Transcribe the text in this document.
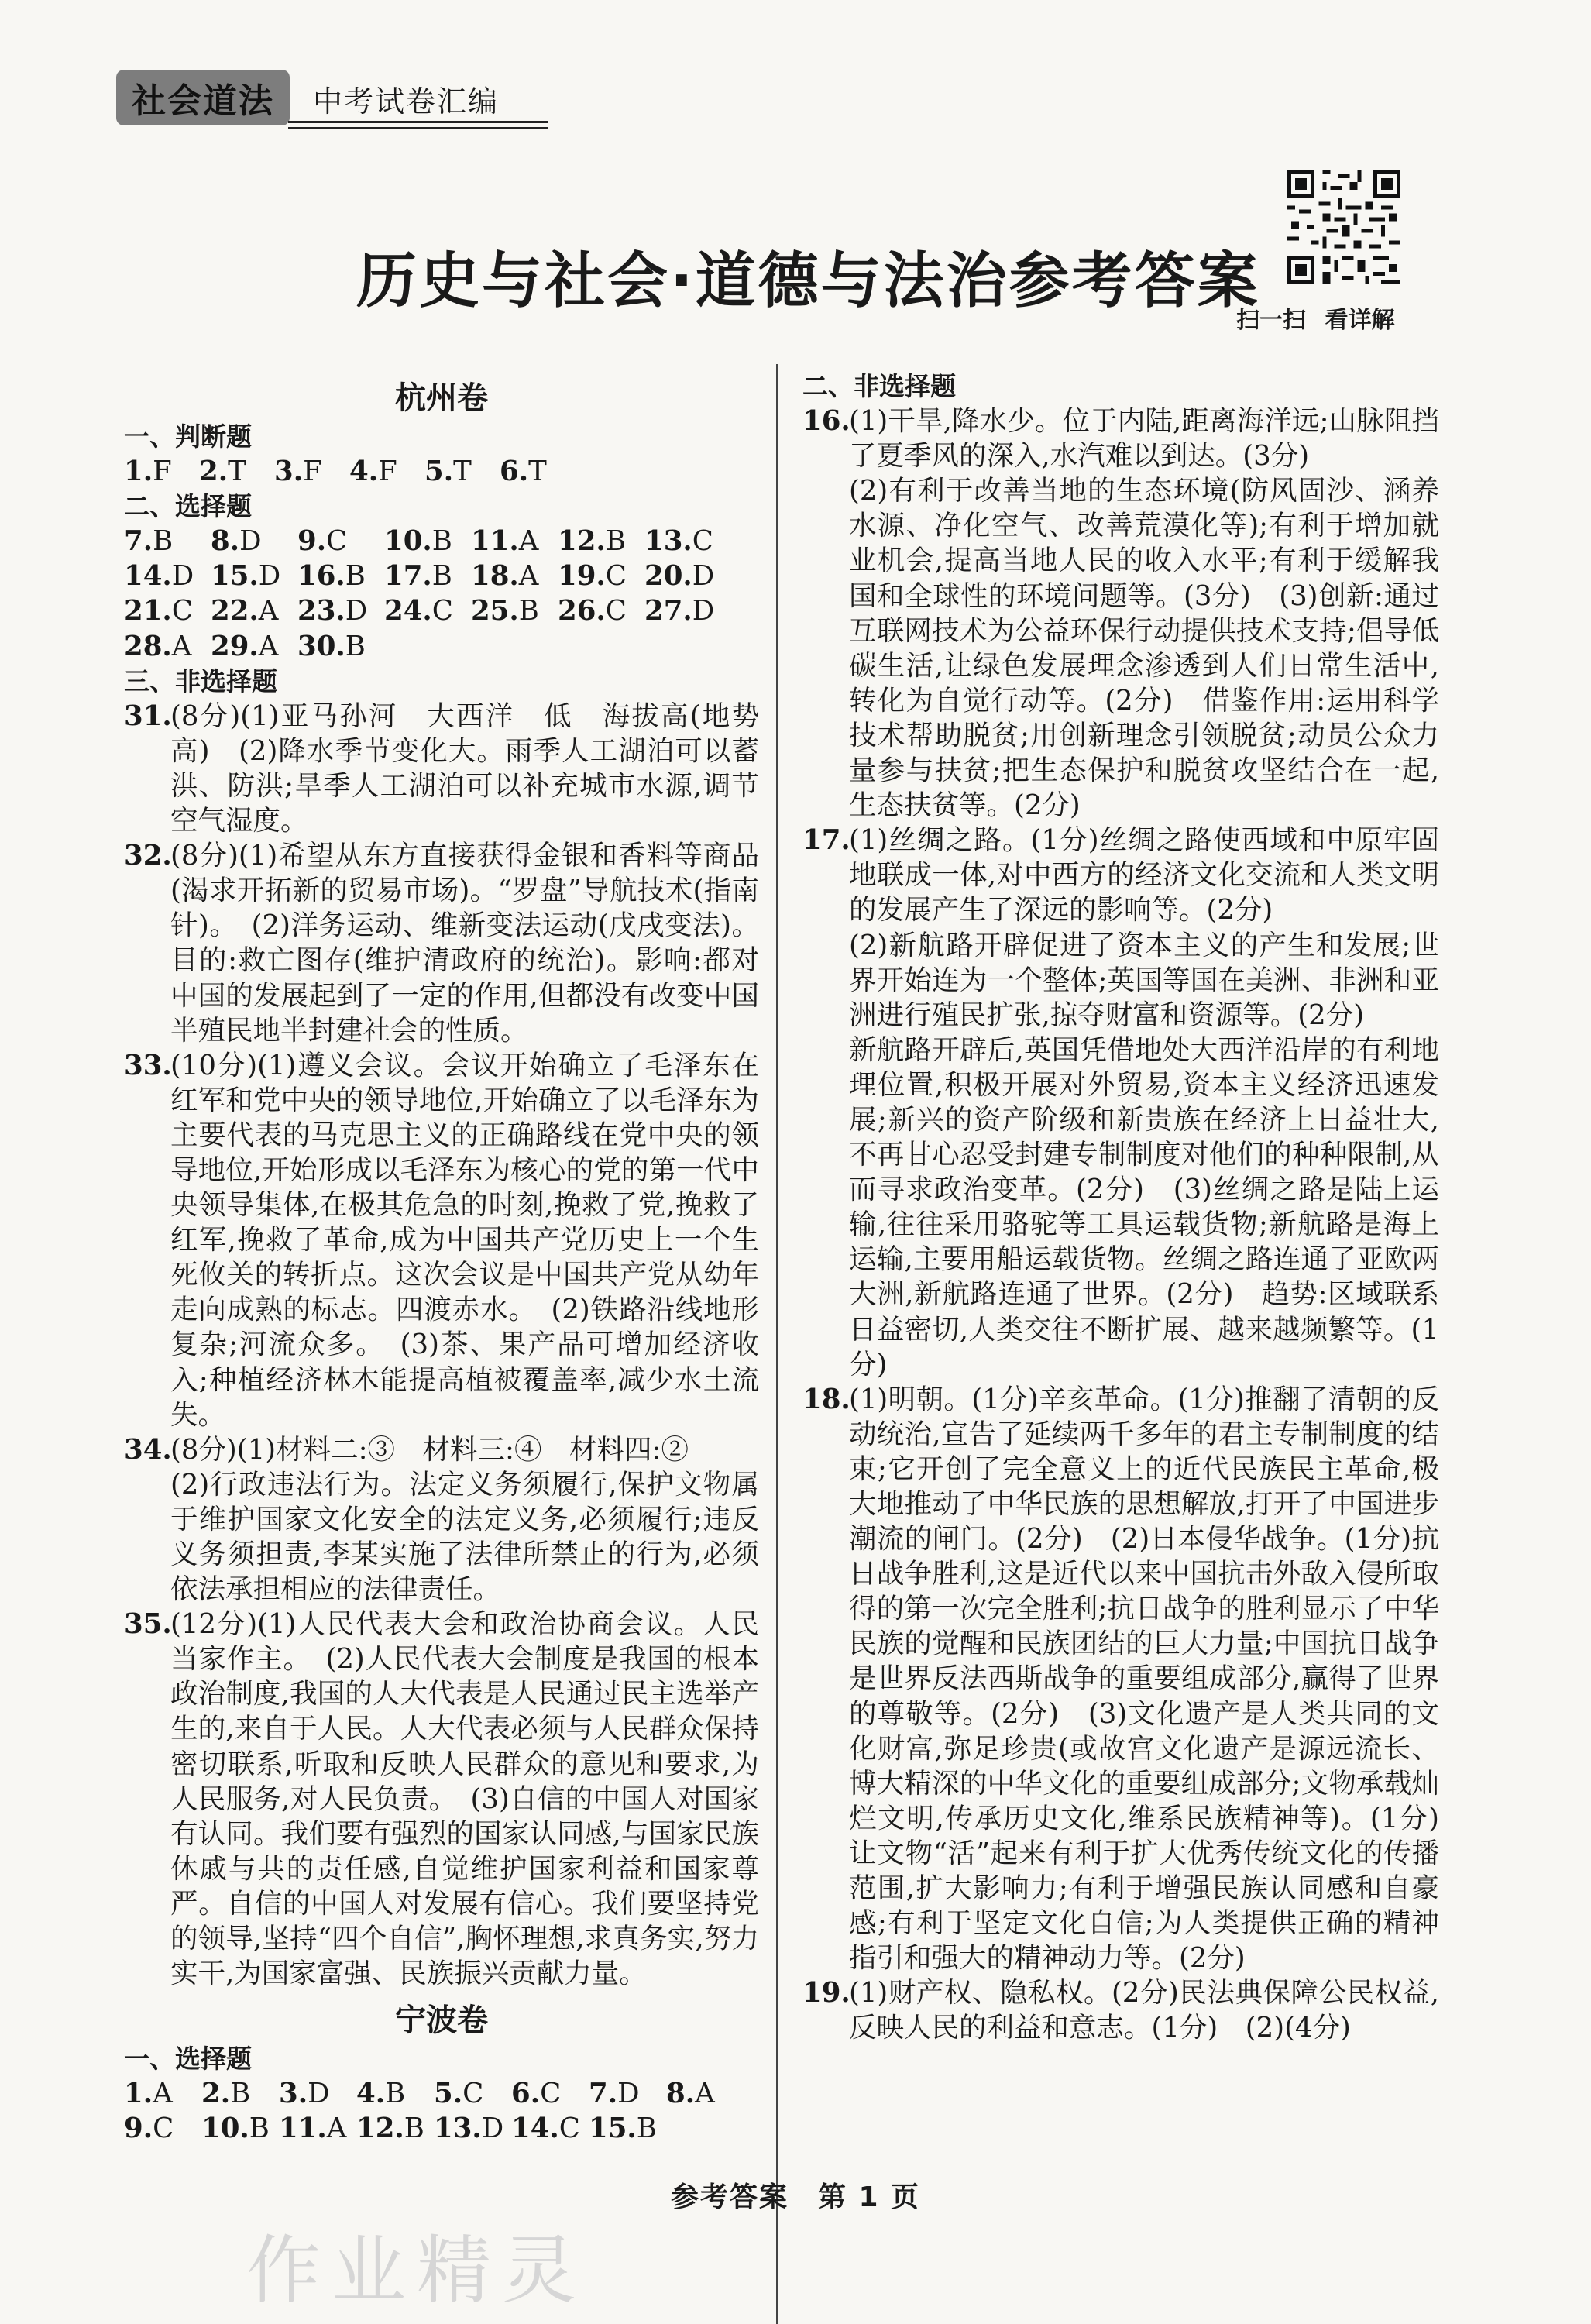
社会道法	中考试卷汇编
历史与社会·道德与法治参考答案
扫一扫 看详解
杭州卷
一、判断题
1.F 2.T	3.F 4.F 5.T	6.T
二、选择题
7.B	8.D	9.C	10.B 11.A 12.B 13.C
14.D 15.D 16.B 17.B 18.A 19.C 20.D
21.C 22.A 23.D 24.C 25.B 26.C 27.D
28.A 29.A 30.B
三、非选择题
31.

(8分)(1)亚马孙河　大西洋　低　海拔高(地势高)　(2)降水季节变化大。雨季人工湖泊可以蓄洪、防洪;旱季人工湖泊可以补充城市水源,调节空气湿度。

32.

(8分)(1)希望从东方直接获得金银和香料等商品(渴求开拓新的贸易市场)。“罗盘”导航技术(指南针)。　(2)洋务运动、维新变法运动(戊戌变法)。目的:救亡图存(维护清政府的统治)。影响:都对中国的发展起到了一定的作用,但都没有改变中国半殖民地半封建社会的性质。

33.

(10分)(1)遵义会议。会议开始确立了毛泽东在红军和党中央的领导地位,开始确立了以毛泽东为主要代表的马克思主义的正确路线在党中央的领导地位,开始形成以毛泽东为核心的党的第一代中央领导集体,在极其危急的时刻,挽救了党,挽救了红军,挽救了革命,成为中国共产党历史上一个生死攸关的转折点。这次会议是中国共产党从幼年走向成熟的标志。四渡赤水。　(2)铁路沿线地形复杂;河流众多。　(3)茶、果产品可增加经济收入;种植经济林木能提高植被覆盖率,减少水土流失。

34.

(8分)(1)材料二:③　材料三:④　材料四:②

(2)行政违法行为。法定义务须履行,保护文物属于维护国家文化安全的法定义务,必须履行;违反义务须担责,李某实施了法律所禁止的行为,必须依法承担相应的法律责任。

35.

(12分)(1)人民代表大会和政治协商会议。人民当家作主。　(2)人民代表大会制度是我国的根本政治制度,我国的人大代表是人民通过民主选举产生的,来自于人民。人大代表必须与人民群众保持密切联系,听取和反映人民群众的意见和要求,为人民服务,对人民负责。　(3)自信的中国人对国家有认同。我们要有强烈的国家认同感,与国家民族休戚与共的责任感,自觉维护国家利益和国家尊严。自信的中国人对发展有信心。我们要坚持党的领导,坚持“四个自信”,胸怀理想,求真务实,努力实干,为国家富强、民族振兴贡献力量。

宁波卷
一、选择题
1.A	2.B	3.D 4.B	5.C	6.C	7.D 8.A
9.C	10.B 11.A 12.B 13.D 14.C 15.B
二、非选择题
16.

(1)干旱,降水少。位于内陆,距离海洋远;山脉阻挡了夏季风的深入,水汽难以到达。(3分)

(2)有利于改善当地的生态环境(防风固沙、涵养水源、净化空气、改善荒漠化等);有利于增加就业机会,提高当地人民的收入水平;有利于缓解我国和全球性的环境问题等。(3分)　(3)创新:通过互联网技术为公益环保行动提供技术支持;倡导低碳生活,让绿色发展理念渗透到人们日常生活中,转化为自觉行动等。(2分)　借鉴作用:运用科学技术帮助脱贫;用创新理念引领脱贫;动员公众力量参与扶贫;把生态保护和脱贫攻坚结合在一起,生态扶贫等。(2分)

17.

(1)丝绸之路。(1分)丝绸之路使西域和中原牢固地联成一体,对中西方的经济文化交流和人类文明的发展产生了深远的影响等。(2分)

(2)新航路开辟促进了资本主义的产生和发展;世界开始连为一个整体;英国等国在美洲、非洲和亚洲进行殖民扩张,掠夺财富和资源等。(2分)

新航路开辟后,英国凭借地处大西洋沿岸的有利地理位置,积极开展对外贸易,资本主义经济迅速发展;新兴的资产阶级和新贵族在经济上日益壮大,不再甘心忍受封建专制制度对他们的种种限制,从而寻求政治变革。(2分)　(3)丝绸之路是陆上运输,往往采用骆驼等工具运载货物;新航路是海上运输,主要用船运载货物。丝绸之路连通了亚欧两大洲,新航路连通了世界。(2分)　趋势:区域联系日益密切,人类交往不断扩展、越来越频繁等。(1分)

18.

(1)明朝。(1分)辛亥革命。(1分)推翻了清朝的反动统治,宣告了延续两千多年的君主专制制度的结束;它开创了完全意义上的近代民族民主革命,极大地推动了中华民族的思想解放,打开了中国进步潮流的闸门。(2分)　(2)日本侵华战争。(1分)抗日战争胜利,这是近代以来中国抗击外敌入侵所取得的第一次完全胜利;抗日战争的胜利显示了中华民族的觉醒和民族团结的巨大力量;中国抗日战争是世界反法西斯战争的重要组成部分,赢得了世界的尊敬等。(2分)　(3)文化遗产是人类共同的文化财富,弥足珍贵(或故宫文化遗产是源远流长、博大精深的中华文化的重要组成部分;文物承载灿烂文明,传承历史文化,维系民族精神等)。(1分)　让文物“活”起来有利于扩大优秀传统文化的传播范围,扩大影响力;有利于增强民族认同感和自豪感;有利于坚定文化自信;为人类提供正确的精神指引和强大的精神动力等。(2分)

19.

(1)财产权、隐私权。(2分)民法典保障公民权益,反映人民的利益和意志。(1分)　(2)(4分)

参考答案　第 1 页
作业精灵
